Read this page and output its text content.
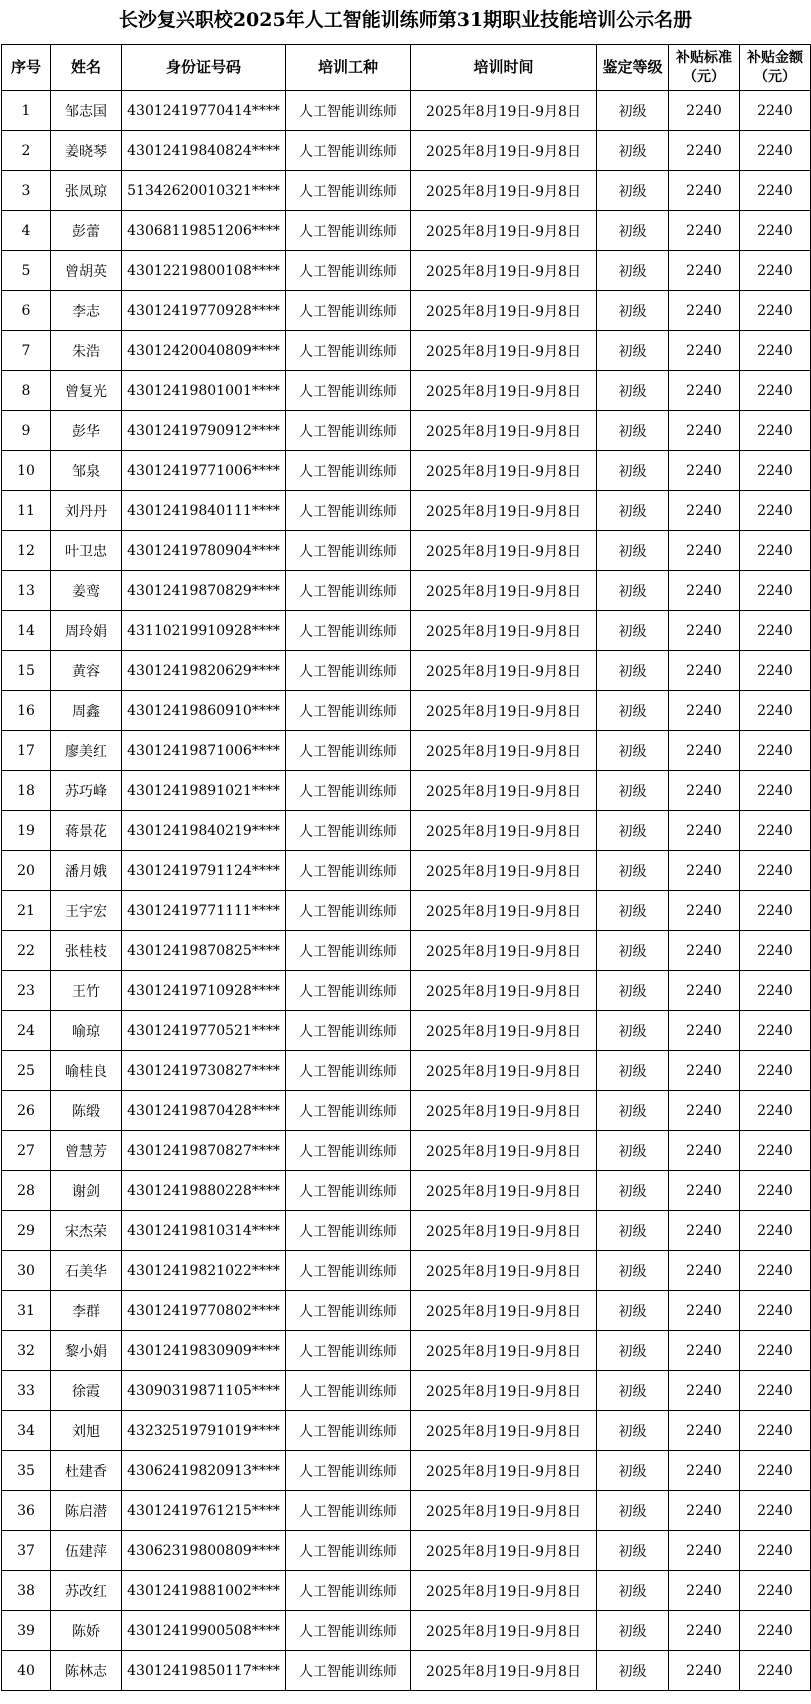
长沙复兴职校2025年人工智能训练师第31期职业技能培训公示名册
序号	姓名	身份证号码	培训工种	培训时间	鉴定等级	补贴标准（元）	补贴金额（元）
1	邹志国	43012419770414****	人工智能训练师	2025年8月19日-9月8日	初级	2240	2240
2	姜晓琴	43012419840824****	人工智能训练师	2025年8月19日-9月8日	初级	2240	2240
3	张凤琼	51342620010321****	人工智能训练师	2025年8月19日-9月8日	初级	2240	2240
4	彭蕾	43068119851206****	人工智能训练师	2025年8月19日-9月8日	初级	2240	2240
5	曾胡英	43012219800108****	人工智能训练师	2025年8月19日-9月8日	初级	2240	2240
6	李志	43012419770928****	人工智能训练师	2025年8月19日-9月8日	初级	2240	2240
7	朱浩	43012420040809****	人工智能训练师	2025年8月19日-9月8日	初级	2240	2240
8	曾复光	43012419801001****	人工智能训练师	2025年8月19日-9月8日	初级	2240	2240
9	彭华	43012419790912****	人工智能训练师	2025年8月19日-9月8日	初级	2240	2240
10	邹泉	43012419771006****	人工智能训练师	2025年8月19日-9月8日	初级	2240	2240
11	刘丹丹	43012419840111****	人工智能训练师	2025年8月19日-9月8日	初级	2240	2240
12	叶卫忠	43012419780904****	人工智能训练师	2025年8月19日-9月8日	初级	2240	2240
13	姜鸾	43012419870829****	人工智能训练师	2025年8月19日-9月8日	初级	2240	2240
14	周玲娟	43110219910928****	人工智能训练师	2025年8月19日-9月8日	初级	2240	2240
15	黄容	43012419820629****	人工智能训练师	2025年8月19日-9月8日	初级	2240	2240
16	周鑫	43012419860910****	人工智能训练师	2025年8月19日-9月8日	初级	2240	2240
17	廖美红	43012419871006****	人工智能训练师	2025年8月19日-9月8日	初级	2240	2240
18	苏巧峰	43012419891021****	人工智能训练师	2025年8月19日-9月8日	初级	2240	2240
19	蒋景花	43012419840219****	人工智能训练师	2025年8月19日-9月8日	初级	2240	2240
20	潘月娥	43012419791124****	人工智能训练师	2025年8月19日-9月8日	初级	2240	2240
21	王宇宏	43012419771111****	人工智能训练师	2025年8月19日-9月8日	初级	2240	2240
22	张桂枝	43012419870825****	人工智能训练师	2025年8月19日-9月8日	初级	2240	2240
23	王竹	43012419710928****	人工智能训练师	2025年8月19日-9月8日	初级	2240	2240
24	喻琼	43012419770521****	人工智能训练师	2025年8月19日-9月8日	初级	2240	2240
25	喻桂良	43012419730827****	人工智能训练师	2025年8月19日-9月8日	初级	2240	2240
26	陈缎	43012419870428****	人工智能训练师	2025年8月19日-9月8日	初级	2240	2240
27	曾慧芳	43012419870827****	人工智能训练师	2025年8月19日-9月8日	初级	2240	2240
28	谢剑	43012419880228****	人工智能训练师	2025年8月19日-9月8日	初级	2240	2240
29	宋杰荣	43012419810314****	人工智能训练师	2025年8月19日-9月8日	初级	2240	2240
30	石美华	43012419821022****	人工智能训练师	2025年8月19日-9月8日	初级	2240	2240
31	李群	43012419770802****	人工智能训练师	2025年8月19日-9月8日	初级	2240	2240
32	黎小娟	43012419830909****	人工智能训练师	2025年8月19日-9月8日	初级	2240	2240
33	徐霞	43090319871105****	人工智能训练师	2025年8月19日-9月8日	初级	2240	2240
34	刘旭	43232519791019****	人工智能训练师	2025年8月19日-9月8日	初级	2240	2240
35	杜建香	43062419820913****	人工智能训练师	2025年8月19日-9月8日	初级	2240	2240
36	陈启潜	43012419761215****	人工智能训练师	2025年8月19日-9月8日	初级	2240	2240
37	伍建萍	43062319800809****	人工智能训练师	2025年8月19日-9月8日	初级	2240	2240
38	苏改红	43012419881002****	人工智能训练师	2025年8月19日-9月8日	初级	2240	2240
39	陈娇	43012419900508****	人工智能训练师	2025年8月19日-9月8日	初级	2240	2240
40	陈林志	43012419850117****	人工智能训练师	2025年8月19日-9月8日	初级	2240	2240
